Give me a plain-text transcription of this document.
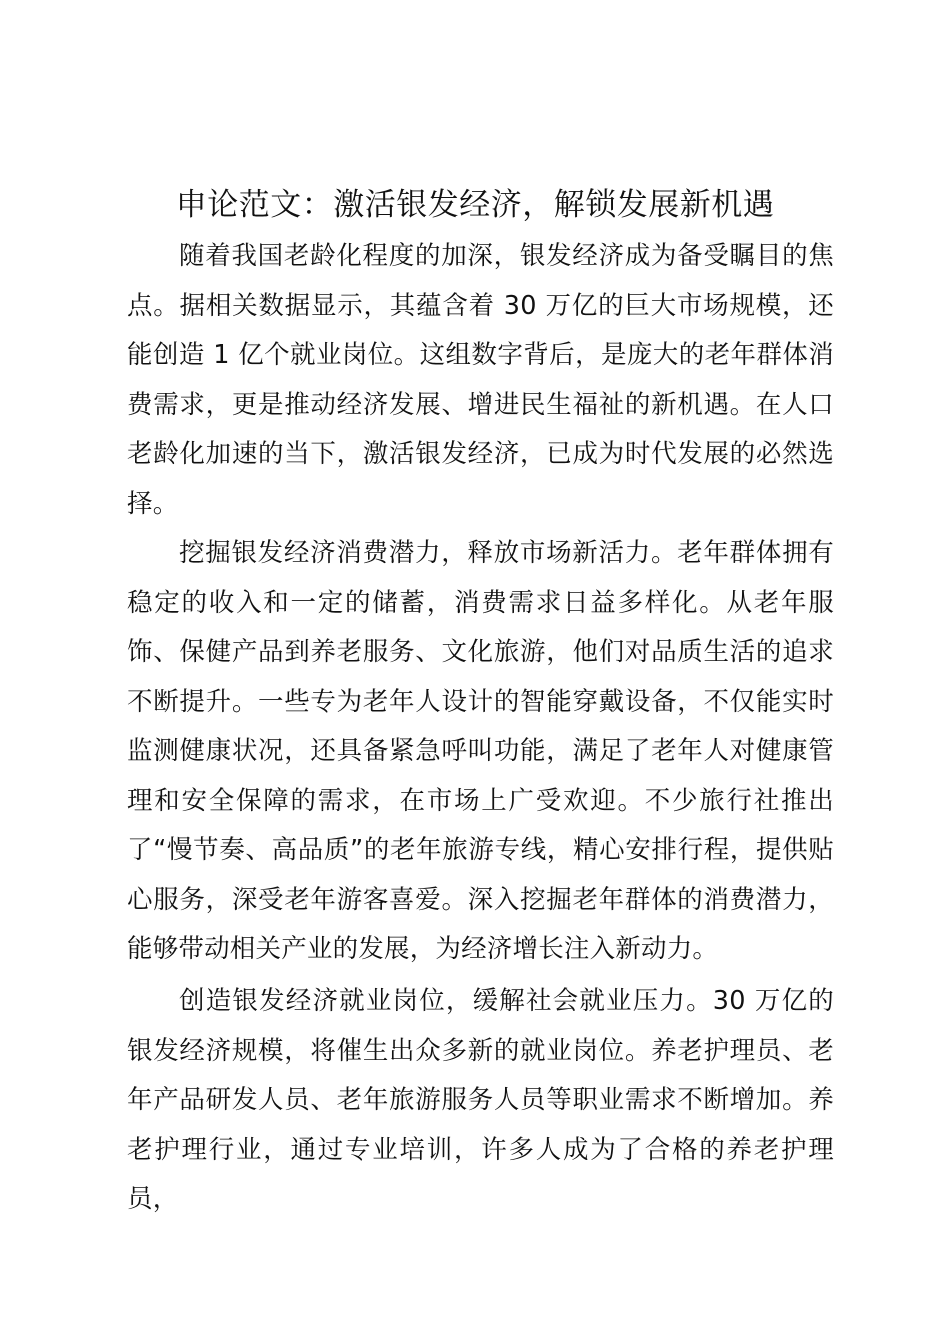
申论范文：激活银发经济，解锁发展新机遇

随着我国老龄化程度的加深，银发经济成为备受瞩目的焦点。据相关数据显示，其蕴含着 30 万亿的巨大市场规模，还能创造 1 亿个就业岗位。这组数字背后，是庞大的老年群体消费需求，更是推动经济发展、增进民生福祉的新机遇。在人口老龄化加速的当下，激活银发经济，已成为时代发展的必然选择。

挖掘银发经济消费潜力，释放市场新活力。老年群体拥有稳定的收入和一定的储蓄，消费需求日益多样化。从老年服饰、保健产品到养老服务、文化旅游，他们对品质生活的追求不断提升。一些专为老年人设计的智能穿戴设备，不仅能实时监测健康状况，还具备紧急呼叫功能，满足了老年人对健康管理和安全保障的需求，在市场上广受欢迎。不少旅行社推出了“慢节奏、高品质”的老年旅游专线，精心安排行程，提供贴心服务，深受老年游客喜爱。深入挖掘老年群体的消费潜力，能够带动相关产业的发展，为经济增长注入新动力。

创造银发经济就业岗位，缓解社会就业压力。30 万亿的银发经济规模，将催生出众多新的就业岗位。养老护理员、老年产品研发人员、老年旅游服务人员等职业需求不断增加。养老护理行业，通过专业培训，许多人成为了合格的养老护理员，
